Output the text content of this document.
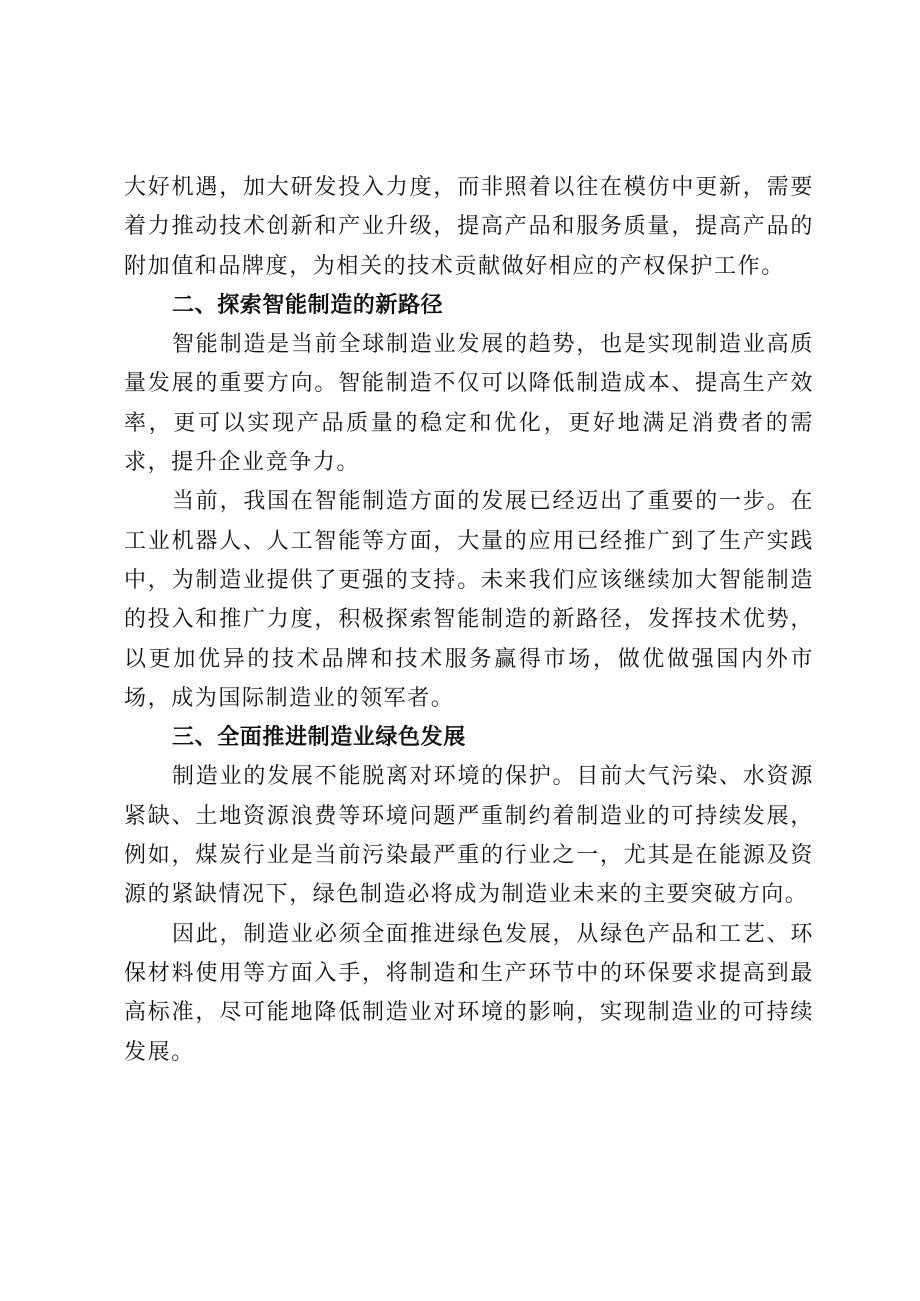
大好机遇，加大研发投入力度，而非照着以往在模仿中更新，需要着力推动技术创新和产业升级，提高产品和服务质量，提高产品的附加值和品牌度，为相关的技术贡献做好相应的产权保护工作。

二、探索智能制造的新路径

智能制造是当前全球制造业发展的趋势，也是实现制造业高质量发展的重要方向。智能制造不仅可以降低制造成本、提高生产效率，更可以实现产品质量的稳定和优化，更好地满足消费者的需求，提升企业竞争力。

当前，我国在智能制造方面的发展已经迈出了重要的一步。在工业机器人、人工智能等方面，大量的应用已经推广到了生产实践中，为制造业提供了更强的支持。未来我们应该继续加大智能制造的投入和推广力度，积极探索智能制造的新路径，发挥技术优势，以更加优异的技术品牌和技术服务赢得市场，做优做强国内外市场，成为国际制造业的领军者。

三、全面推进制造业绿色发展

制造业的发展不能脱离对环境的保护。目前大气污染、水资源紧缺、土地资源浪费等环境问题严重制约着制造业的可持续发展，例如，煤炭行业是当前污染最严重的行业之一，尤其是在能源及资源的紧缺情况下，绿色制造必将成为制造业未来的主要突破方向。

因此，制造业必须全面推进绿色发展，从绿色产品和工艺、环保材料使用等方面入手，将制造和生产环节中的环保要求提高到最高标准，尽可能地降低制造业对环境的影响，实现制造业的可持续发展。
